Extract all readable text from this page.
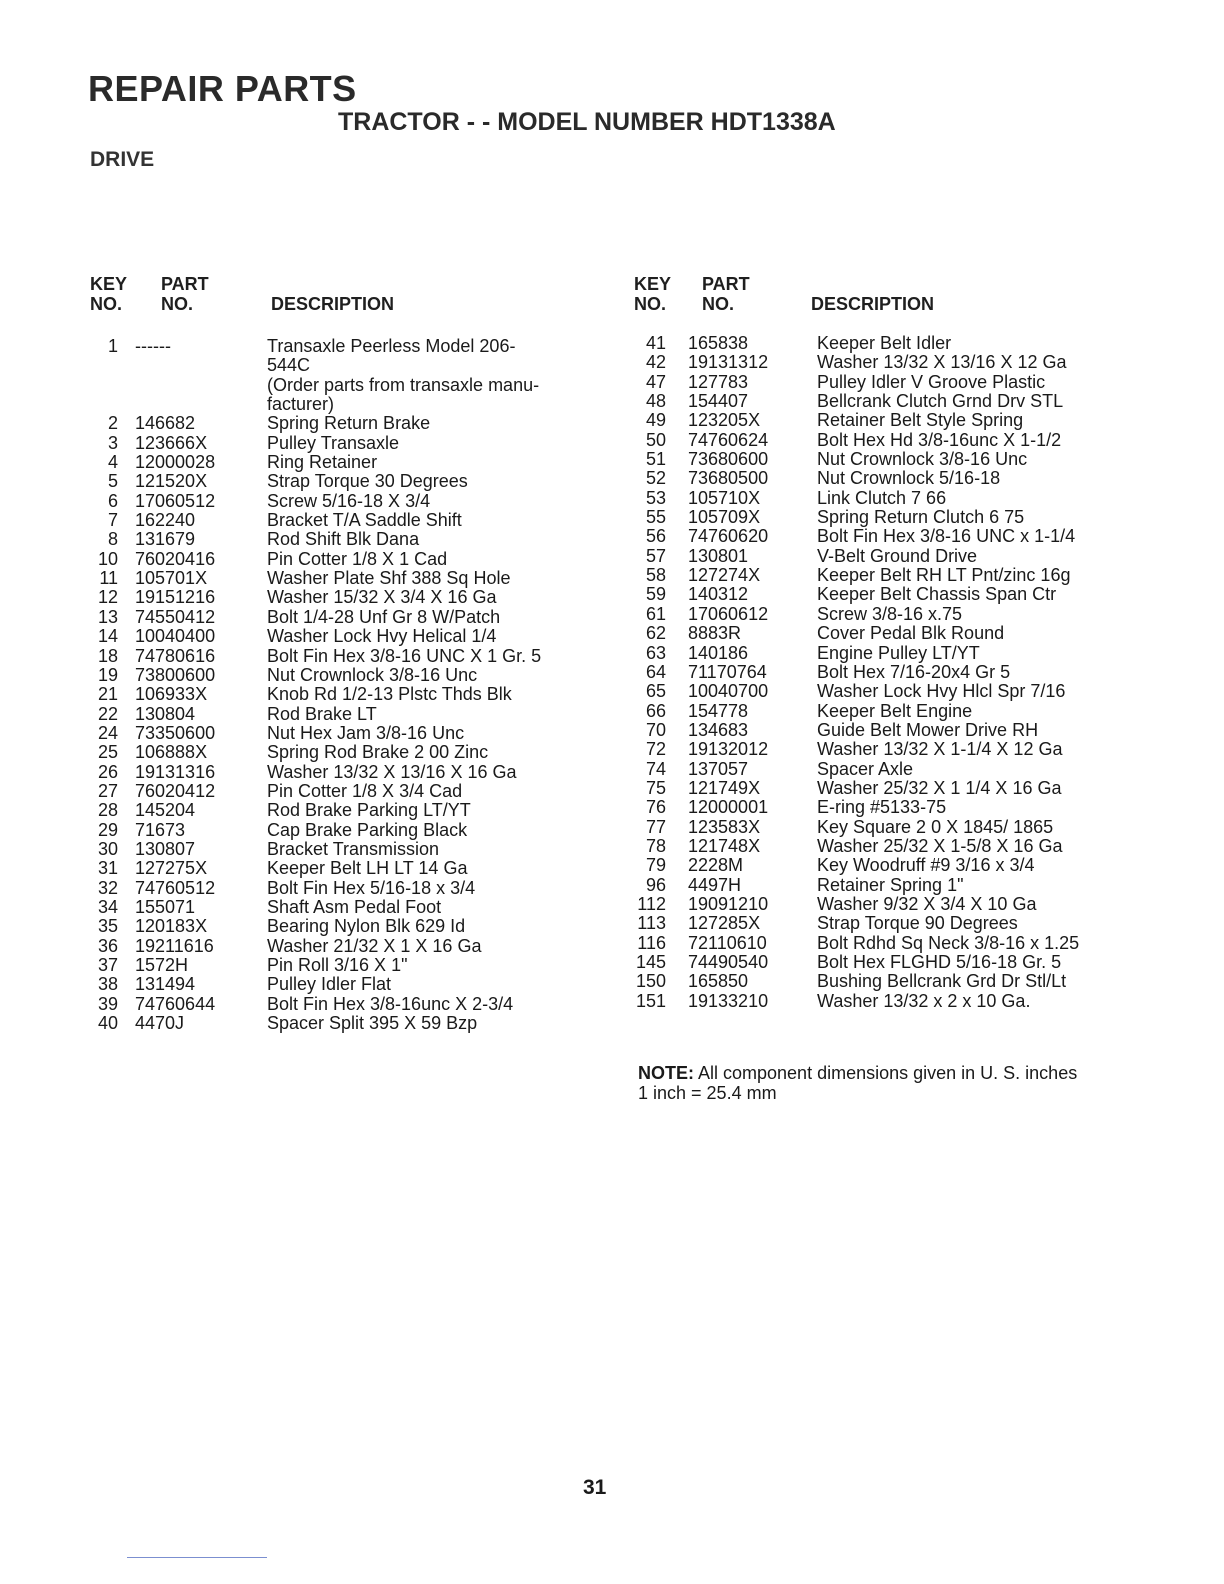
REPAIR PARTS
TRACTOR - - MODEL NUMBER HDT1338A
DRIVE
KEY
NO.
PART
NO.	DESCRIPTION
KEY
NO.
PART
NO.	DESCRIPTION
1 ------	Transaxle Peerless Model 206-
544C
(Order parts from transaxle manu-
facturer)
2 146682	Spring Return Brake
3 123666X	Pulley Transaxle
4 12000028	Ring Retainer
5 121520X	Strap Torque 30 Degrees
6 17060512	Screw 5/16-18 X 3/4
7 162240	Bracket T/A Saddle Shift
8 131679	Rod Shift Blk Dana
10 76020416	Pin Cotter 1/8 X 1 Cad
11 105701X	Washer Plate Shf 388 Sq Hole
12 19151216	Washer 15/32 X 3/4 X 16 Ga
13 74550412	Bolt 1/4-28 Unf Gr 8 W/Patch
14 10040400	Washer Lock Hvy Helical 1/4
18 74780616	Bolt Fin Hex 3/8-16 UNC X 1 Gr. 5
19 73800600	Nut Crownlock 3/8-16 Unc
21 106933X	Knob Rd 1/2-13 Plstc Thds Blk
22 130804	Rod Brake LT
24 73350600	Nut Hex Jam 3/8-16 Unc
25 106888X	Spring Rod Brake 2 00 Zinc
26 19131316	Washer 13/32 X 13/16 X 16 Ga
27 76020412	Pin Cotter 1/8 X 3/4 Cad
28 145204	Rod Brake Parking LT/YT
29 71673	Cap Brake Parking Black
30 130807	Bracket Transmission
31 127275X	Keeper Belt LH LT 14 Ga
32 74760512	Bolt Fin Hex 5/16-18 x 3/4
34 155071	Shaft Asm Pedal Foot
35 120183X	Bearing Nylon Blk 629 Id
36 19211616	Washer 21/32 X 1 X 16 Ga
37 1572H	Pin Roll 3/16 X 1"
38 131494	Pulley Idler Flat
39 74760644	Bolt Fin Hex 3/8-16unc X 2-3/4
40 4470J	Spacer Split 395 X 59 Bzp
41 165838	Keeper Belt Idler
42 19131312	Washer 13/32 X 13/16 X 12 Ga
47 127783	Pulley Idler V Groove Plastic
48 154407	Bellcrank Clutch Grnd Drv STL
49 123205X	Retainer Belt Style Spring
50 74760624	Bolt Hex Hd 3/8-16unc X 1-1/2
51 73680600	Nut Crownlock 3/8-16 Unc
52 73680500	Nut Crownlock 5/16-18
53 105710X	Link Clutch 7 66
55 105709X	Spring Return Clutch 6 75
56 74760620	Bolt Fin Hex 3/8-16 UNC x 1-1/4
57 130801	V-Belt Ground Drive
58 127274X	Keeper Belt RH LT Pnt/zinc 16g
59 140312	Keeper Belt Chassis Span Ctr
61 17060612	Screw 3/8-16 x.75
62 8883R	Cover Pedal Blk Round
63 140186	Engine Pulley LT/YT
64 71170764	Bolt Hex 7/16-20x4 Gr 5
65 10040700	Washer Lock Hvy Hlcl Spr 7/16
66 154778	Keeper Belt Engine
70 134683	Guide Belt Mower Drive RH
72 19132012	Washer 13/32 X 1-1/4 X 12 Ga
74 137057	Spacer Axle
75 121749X	Washer 25/32 X 1 1/4 X 16 Ga
76 12000001	E-ring #5133-75
77 123583X	Key Square 2 0 X 1845/ 1865
78 121748X	Washer 25/32 X 1-5/8 X 16 Ga
79 2228M	Key Woodruff #9 3/16 x 3/4
96 4497H	Retainer Spring 1"
112 19091210	Washer 9/32 X 3/4 X 10 Ga
113 127285X	Strap Torque 90 Degrees
116 72110610	Bolt Rdhd Sq Neck 3/8-16 x 1.25
145 74490540	Bolt Hex FLGHD 5/16-18 Gr. 5
150 165850	Bushing Bellcrank Grd Dr Stl/Lt
151 19133210	Washer 13/32 x 2 x 10 Ga.
NOTE: All component dimensions given in U. S. inches
1 inch = 25.4 mm
31
